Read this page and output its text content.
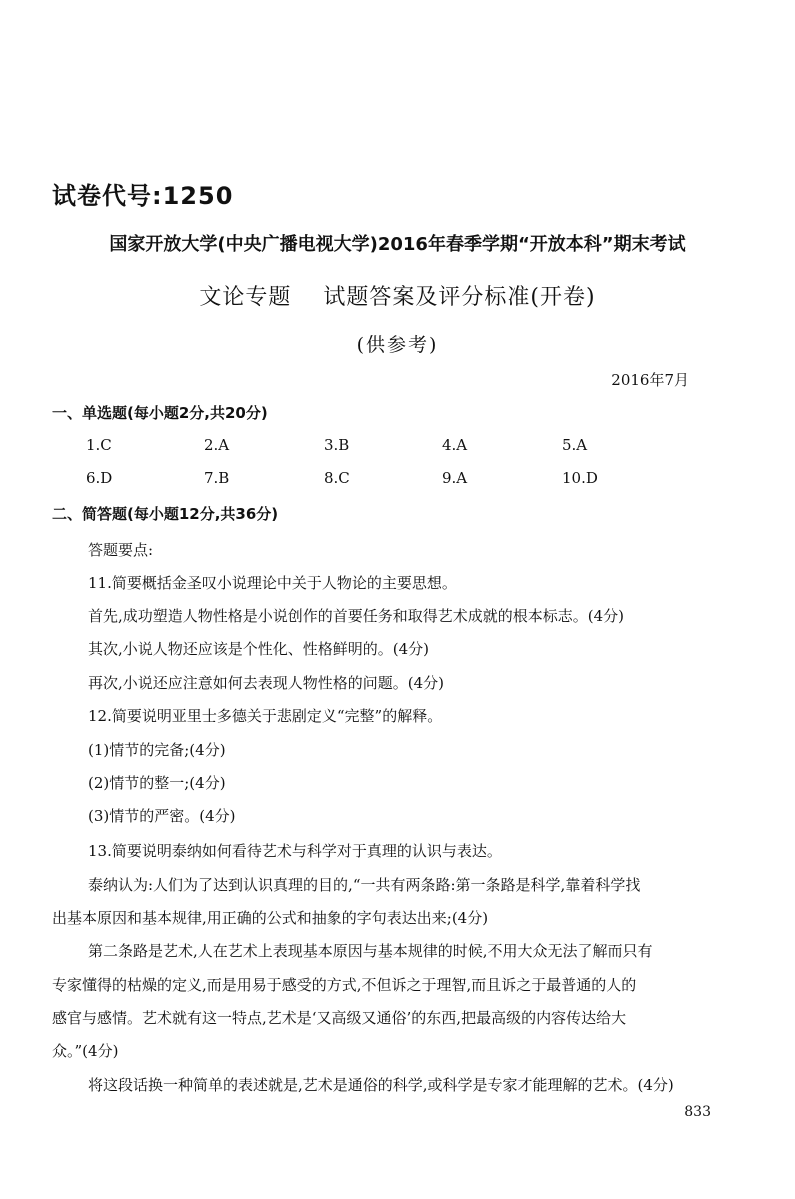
试卷代号:1250
国家开放大学(中央广播电视大学)2016年春季学期“开放本科”期末考试
文论专题    试题答案及评分标准(开卷)
(供参考)
2016年7月
一、单选题(每小题2分,共20分)
1.C	2.A	3.B	4.A	5.A
6.D	7.B	8.C	9.A	10.D
二、简答题(每小题12分,共36分)
答题要点:
11.简要概括金圣叹小说理论中关于人物论的主要思想。
首先,成功塑造人物性格是小说创作的首要任务和取得艺术成就的根本标志。(4分)
其次,小说人物还应该是个性化、性格鲜明的。(4分)
再次,小说还应注意如何去表现人物性格的问题。(4分)
12.简要说明亚里士多德关于悲剧定义“完整”的解释。
(1)情节的完备;(4分)
(2)情节的整一;(4分)
(3)情节的严密。(4分)
13.简要说明泰纳如何看待艺术与科学对于真理的认识与表达。
泰纳认为:人们为了达到认识真理的目的,“一共有两条路:第一条路是科学,靠着科学找
出基本原因和基本规律,用正确的公式和抽象的字句表达出来;(4分)
第二条路是艺术,人在艺术上表现基本原因与基本规律的时候,不用大众无法了解而只有
专家懂得的枯燥的定义,而是用易于感受的方式,不但诉之于理智,而且诉之于最普通的人的
感官与感情。艺术就有这一特点,艺术是‘又高级又通俗’的东西,把最高级的内容传达给大
众。”(4分)
将这段话换一种简单的表述就是,艺术是通俗的科学,或科学是专家才能理解的艺术。(4分)
833
